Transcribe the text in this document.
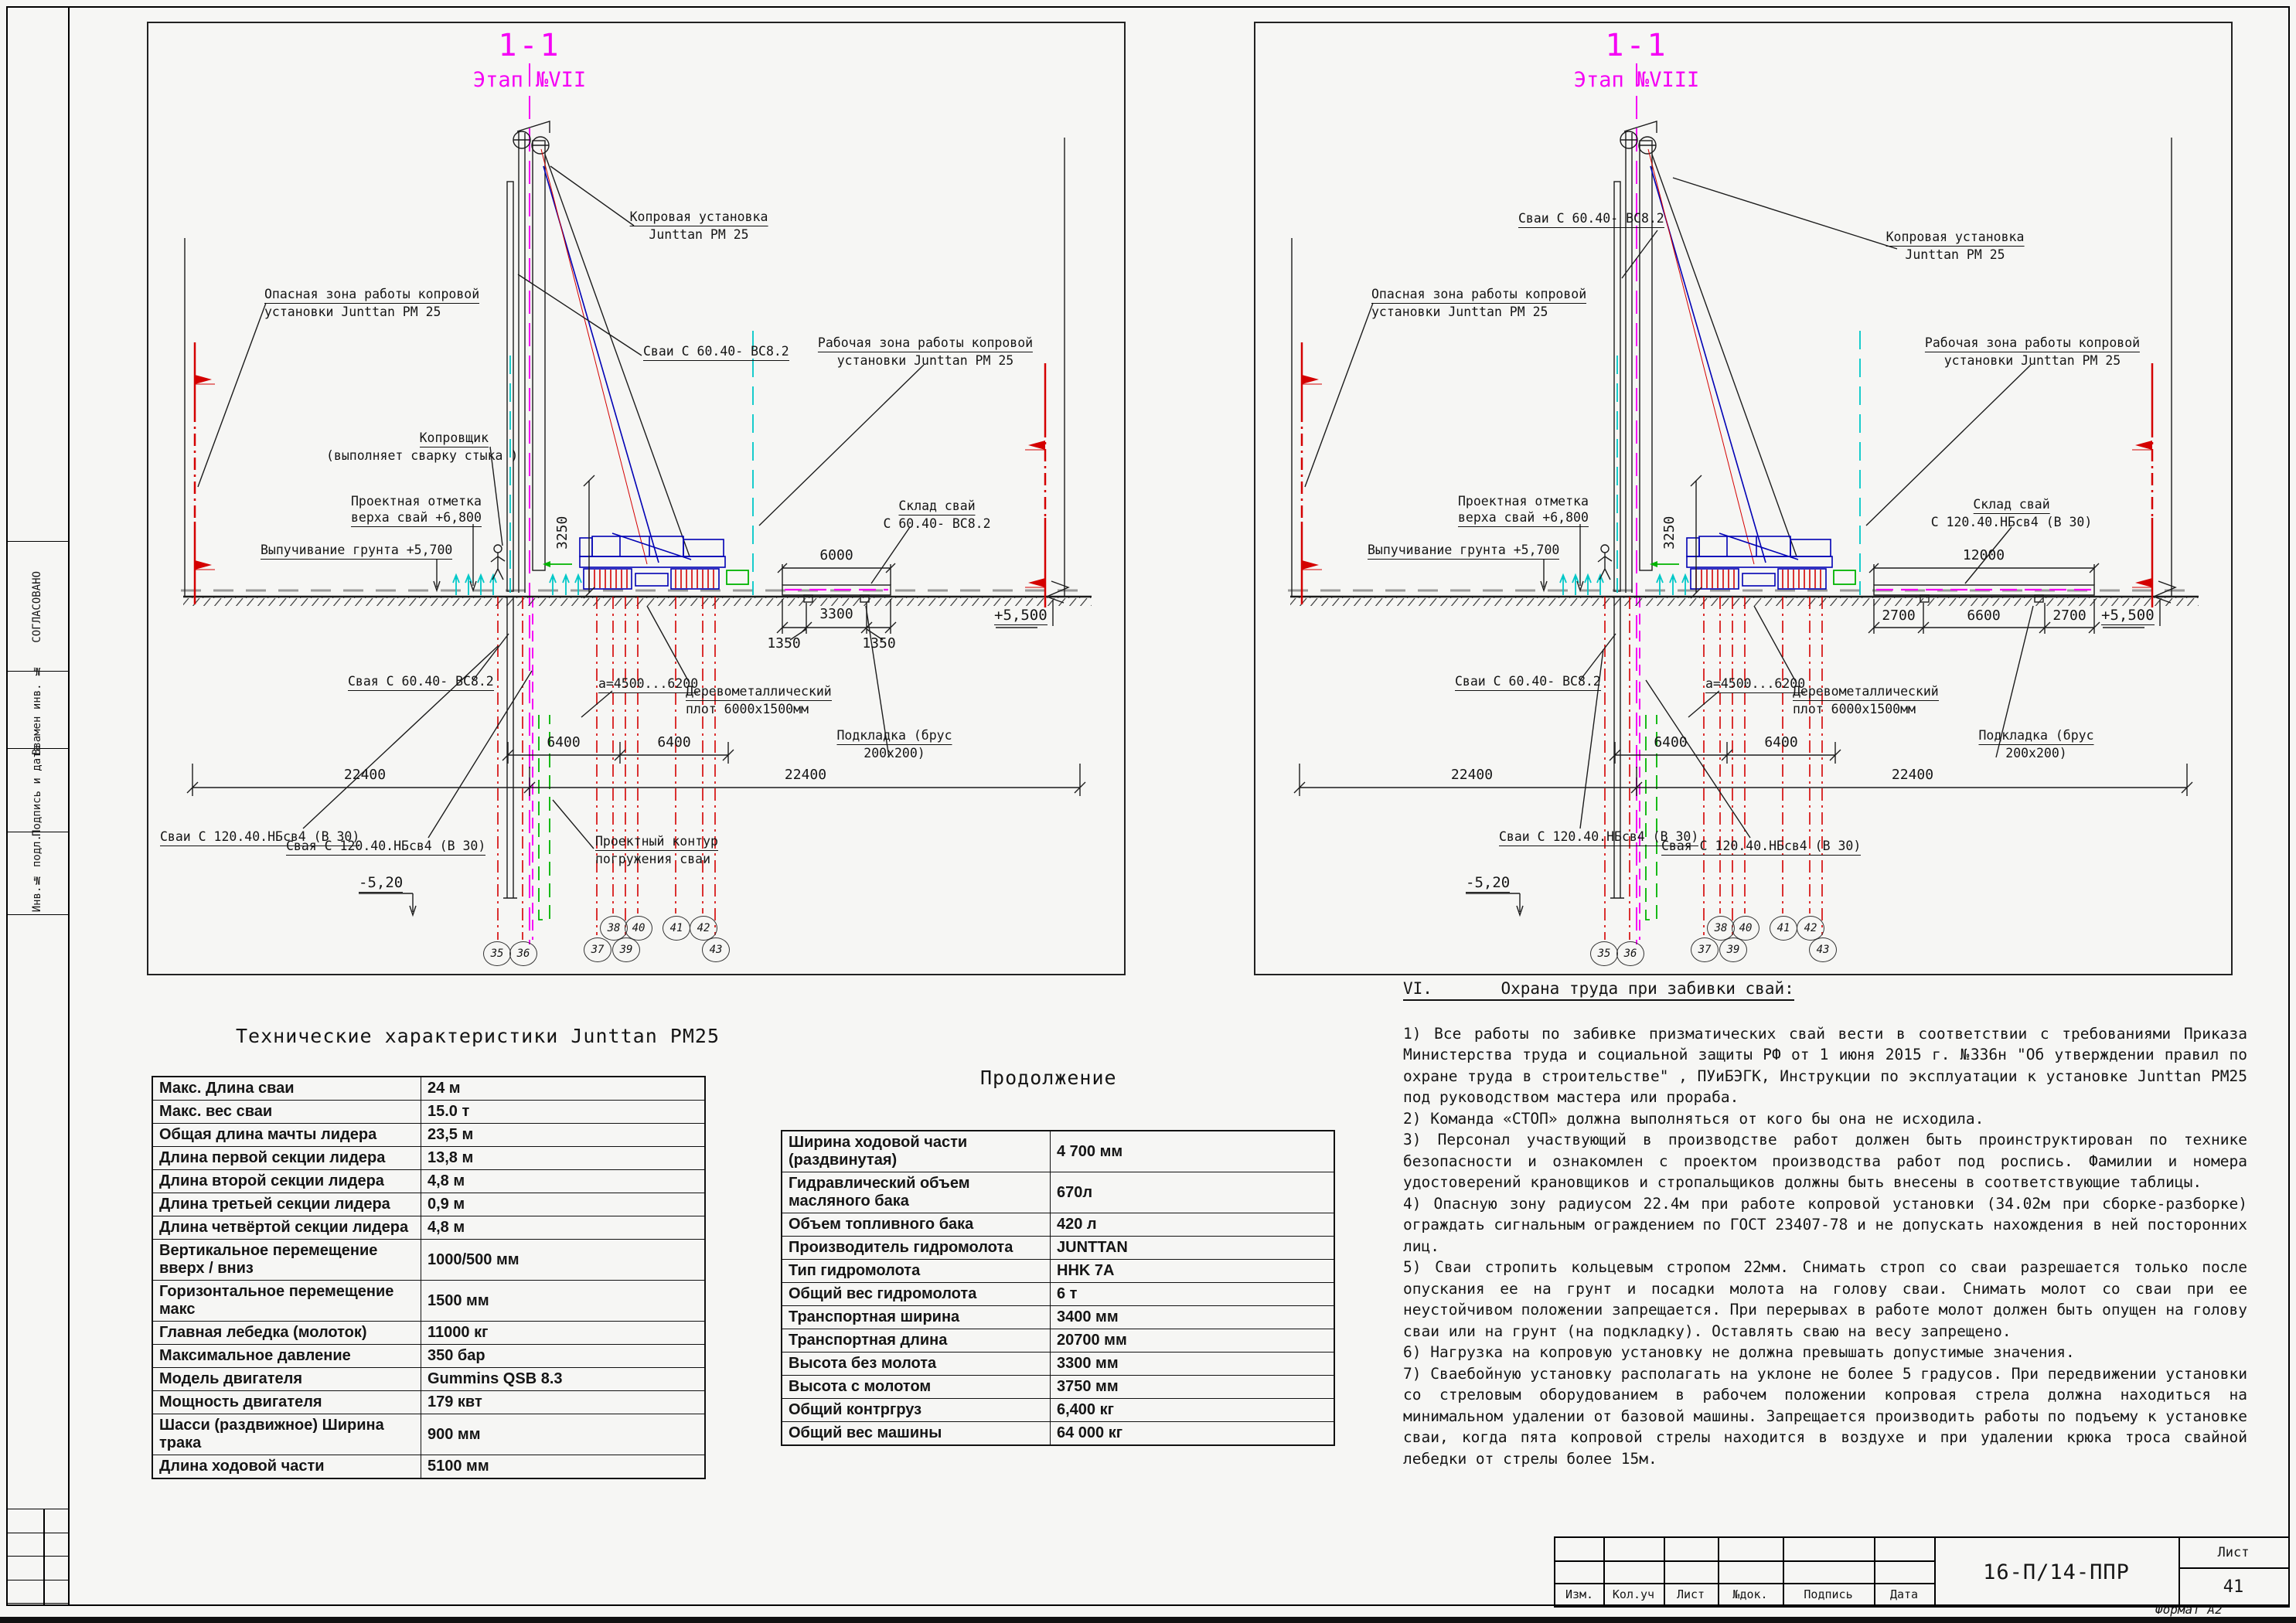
СОГЛАСОВАНО
Взамен инв. №
Подпись и дата
Инв.№ подл.
1-1
Этап №VII
Опасная зона работы копровой
установки Junttan PM 25
Копровая установка
Junttan PM 25
Сваи С 60.40- ВС8.2
Рабочая зона работы копровой
установки Junttan PM 25
Копровщик
(выполняет сварку стыка )
Проектная отметка
верха свай +6,800
Выпучивание грунта +5,700
Склад свай
С 60.40- ВС8.2
Свая С 60.40- ВС8.2	a=4500...6200
Деревометаллический
плот 6000х1500мм
Подкладка (брус
200х200)
Сваи С 120.40.НБсв4 (В 30)
Свая С 120.40.НБсв4 (В 30)	Проектный контур
погружения сваи
-5,20
+5,500
6000
3300
1350	1350
6400	6400
22400	22400
3250
35	36	37
38
39
40	41	42
43
1-1
Этап №VIII
Опасная зона работы копровой
установки Junttan PM 25
Копровая установка
Junttan PM 25
Сваи С 60.40- ВС8.2
Рабочая зона работы копровой
установки Junttan PM 25
Проектная отметка
верха свай +6,800
Выпучивание грунта +5,700
Склад свай
С 120.40.НБсв4 (В 30)
Сваи С 60.40- ВС8.2	a=4500...6200
Деревометаллический
плот 6000х1500мм
Подкладка (брус
200х200)
Сваи С 120.40.НБсв4 (В 30)
Свая С 120.40.НБсв4 (В 30)
-5,20
+5,500
12000
2700	6600	2700
6400	6400
22400	22400
3250
35	36	37
38
39
40	41	42
43
Технические характеристики Junttan PM25
Макс. Длина сваи	24 м
Макс. вес сваи	15.0 т
Общая длина мачты лидера	23,5 м
Длина первой секции лидера	13,8 м
Длина второй секции лидера	4,8 м
Длина третьей секции лидера	0,9 м
Длина четвёртой секции лидера	4,8 м
Вертикальное перемещение вверх / вниз	1000/500 мм
Горизонтальное перемещение макс	1500 мм
Главная лебедка (молоток)	11000 кг
Максимальное давление	350 бар
Модель двигателя	Gummins QSB 8.3
Мощность двигателя	179 квт
Шасси (раздвижное) Ширина трака	900 мм
Длина ходовой части	5100 мм
Продолжение
Ширина ходовой части (раздвинутая)	4 700 мм
Гидравлический объем масляного бака	670л
Объем топливного бака	420 л
Производитель гидромолота	JUNTTAN
Тип гидромолота	HHK 7A
Общий вес гидромолота	6 т
Транспортная ширина	3400 мм
Транспортная длина	20700 мм
Высота без молота	3300 мм
Высота с молотом	3750 мм
Общий контргруз	6,400 кг
Общий вес машины	64 000 кг
VI.	Охрана труда при забивки свай:

1) Все работы по забивке призматических свай вести в соответствии с требованиями Приказа Министерства труда и социальной защиты РФ от 1 июня 2015 г. №336н "Об утверждении правил по охране труда в строительстве" , ПУиБЭГК, Инструкции по эксплуатации к установке Junttan PM25 под руководством мастера или прораба.

2) Команда «СТОП» должна выполняться от кого бы она не исходила.

3) Персонал участвующий в производстве работ должен быть проинструктирован по технике безопасности и ознакомлен с проектом производства работ под роспись. Фамилии и номера удостоверений крановщиков и стропальщиков должны быть внесены в соответствующие таблицы.

4) Опасную зону радиусом 22.4м при работе копровой установки (34.02м при сборке-разборке) ограждать сигнальным ограждением по ГОСТ 23407-78 и не допускать нахождения в ней посторонних лиц.

5) Сваи стропить кольцевым стропом 22мм. Снимать строп со сваи разрешается только после опускания ее на грунт и посадки молота на голову сваи. Снимать молот со сваи при ее неустойчивом положении запрещается. При перерывах в работе молот должен быть опущен на голову сваи или на грунт (на подкладку). Оставлять сваю на весу запрещено.

6) Нагрузка на копровую установку не должна превышать допустимые значения.

7) Сваебойную установку располагать на уклоне не более 5 градусов. При передвижении установки со стреловым оборудованием в рабочем положении копровая стрела должна находиться на минимальном удалении от базовой машины. Запрещается производить работы по подъему к установке сваи, когда пята копровой стрелы находится в воздухе и при удалении крюка троса свайной лебедки от стрелы более 15м.

Изм.	Кол.уч	Лист	№док.	Подпись	Дата
16-П/14-ППР
Лист
41
Формат А2
